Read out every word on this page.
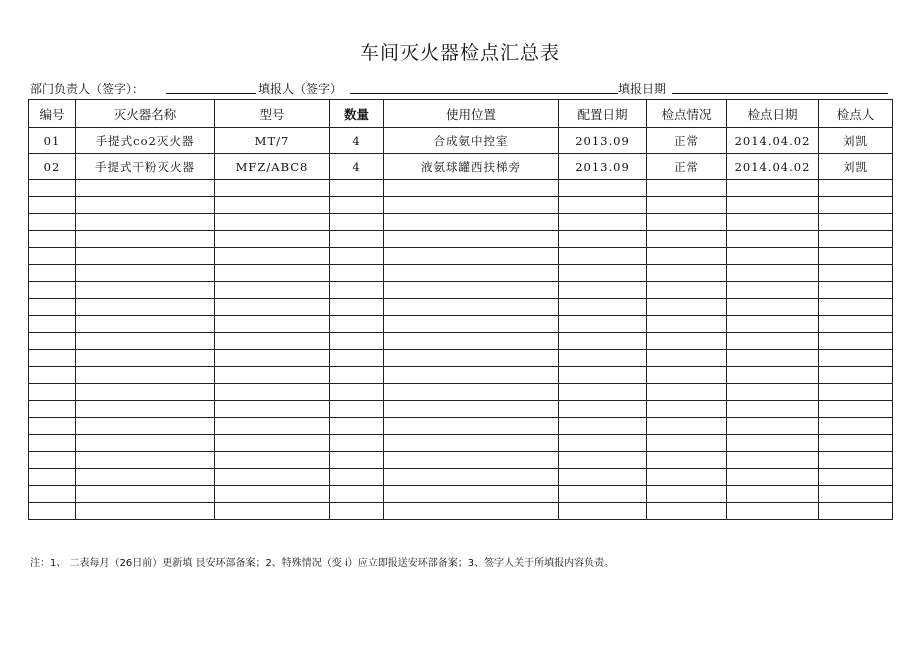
车间灭火器检点汇总表
部门负责人（签字）：	填报人（签字）	填报日期
编号	灭火器名称	型号	数量	使用位置	配置日期	检点情况	检点日期	检点人
01	手提式co2灭火器	MT/7	4	合成氨中控室	2013.09	正常	2014.04.02	刘凯
02	手提式干粉灭火器	MFZ/ABC8	4	液氨球罐西扶梯旁	2013.09	正常	2014.04.02	刘凯

注：1、 二表每月（26日前）更新填 艮安环部备案；2、特殊情况（变 i）应立即报送安环部备案；3、签字人关于所填报内容负责。
